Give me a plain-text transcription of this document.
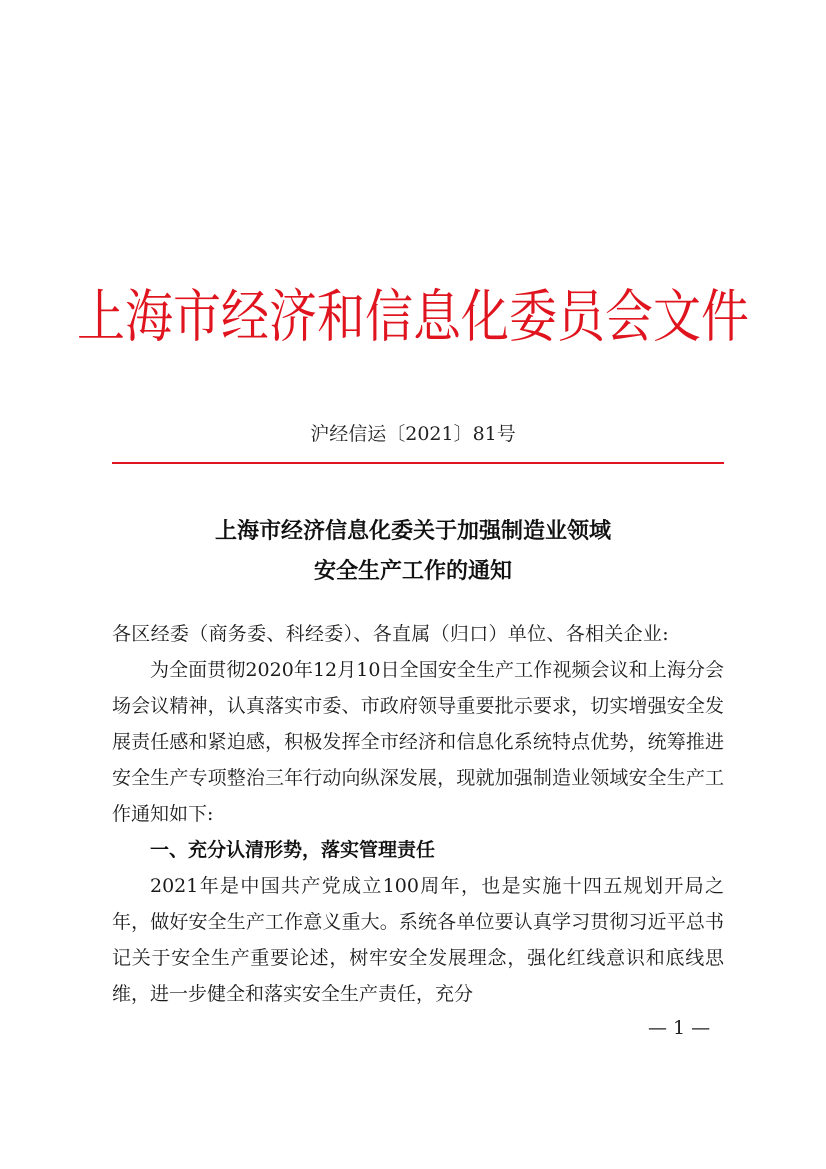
上海市经济和信息化委员会文件
沪经信运〔2021〕81号
上海市经济信息化委关于加强制造业领域
安全生产工作的通知
各区经委（商务委、科经委）、各直属（归口）单位、各相关企业:
为全面贯彻2020年12月10日全国安全生产工作视频会议和上海分会场会议精神，认真落实市委、市政府领导重要批示要求，切实增强安全发展责任感和紧迫感，积极发挥全市经济和信息化系统特点优势，统筹推进安全生产专项整治三年行动向纵深发展，现就加强制造业领域安全生产工作通知如下:
一、充分认清形势，落实管理责任
2021年是中国共产党成立100周年，也是实施十四五规划开局之年，做好安全生产工作意义重大。系统各单位要认真学习贯彻习近平总书记关于安全生产重要论述，树牢安全发展理念，强化红线意识和底线思维，进一步健全和落实安全生产责任，充分
— 1 —
